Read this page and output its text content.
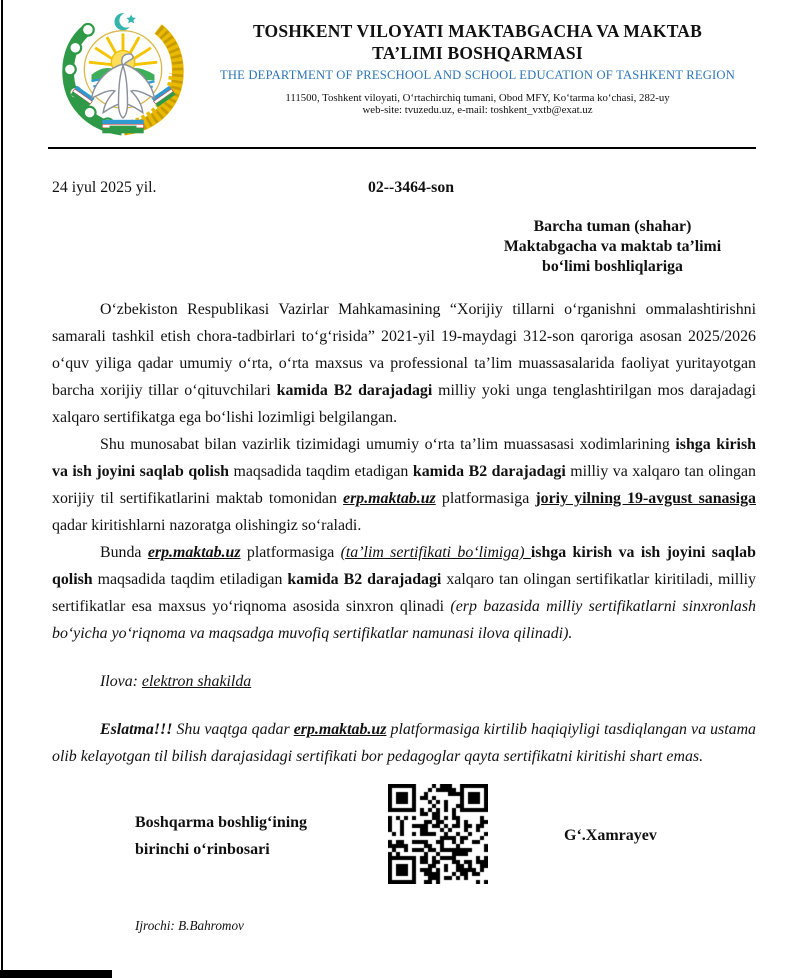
TOSHKENT VILOYATI MAKTABGACHA VA MAKTAB
TA’LIMI BOSHQARMASI
THE DEPARTMENT OF PRESCHOOL AND SCHOOL EDUCATION OF TASHKENT REGION
111500, Toshkent viloyati, O‘rtachirchiq tumani, Obod MFY, Ko‘tarma ko‘chasi, 282-uy
web-site: tvuzedu.uz, e-mail: toshkent_vxtb@exat.uz
24 iyul 2025 yil.	02--3464-son
Barcha tuman (shahar)
Maktabgacha va maktab ta’limi
bo‘limi boshliqlariga

O‘zbekiston Respublikasi Vazirlar Mahkamasining “Xorijiy tillarni o‘rganishni ommalashtirishni samarali tashkil etish chora-tadbirlari to‘g‘risida” 2021-yil 19-maydagi 312-son qaroriga asosan 2025/2026 o‘quv yiliga qadar umumiy o‘rta, o‘rta maxsus va professional ta’lim muassasalarida faoliyat yuritayotgan barcha xorijiy tillar o‘qituvchilari kamida B2 darajadagi milliy yoki unga tenglashtirilgan mos darajadagi xalqaro sertifikatga ega bo‘lishi lozimligi belgilangan.

Shu munosabat bilan vazirlik tizimidagi umumiy o‘rta ta’lim muassasasi xodimlarining ishga kirish va ish joyini saqlab qolish maqsadida taqdim etadigan kamida B2 darajadagi milliy va xalqaro tan olingan xorijiy til sertifikatlarini maktab tomonidan erp.maktab.uz platformasiga joriy yilning 19-avgust sanasiga qadar kiritishlarni nazoratga olishingiz so‘raladi.

Bunda erp.maktab.uz platformasiga (ta’lim sertifikati bo‘limiga) ishga kirish va ish joyini saqlab qolish maqsadida taqdim etiladigan kamida B2 darajadagi xalqaro tan olingan sertifikatlar kiritiladi, milliy sertifikatlar esa maxsus yo‘riqnoma asosida sinxron qlinadi (erp bazasida milliy sertifikatlarni sinxronlash bo‘yicha yo‘riqnoma va maqsadga muvofiq sertifikatlar namunasi ilova qilinadi).

Ilova: elektron shakilda

Eslatma!!! Shu vaqtga qadar erp.maktab.uz platformasiga kirtilib haqiqiyligi tasdiqlangan va ustama olib kelayotgan til bilish darajasidagi sertifikati bor pedagoglar qayta sertifikatni kiritishi shart emas.

Boshqarma boshlig‘ining
birinchi o‘rinbosari
G‘.Xamrayev
Ijrochi: B.Bahromov
